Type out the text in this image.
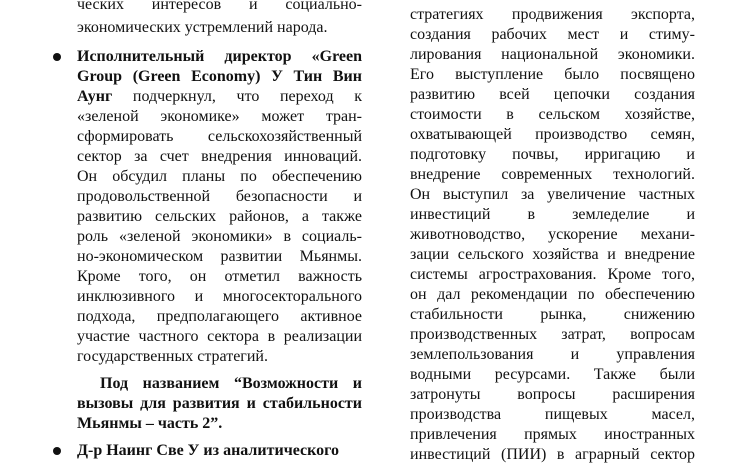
ческих интересов и социально-
экономических устремлений народа.
Исполнительный директор «Green
Group (Green Economy) У Тин Вин
Аунг подчеркнул, что переход к
«зеленой экономике» может тран-
сформировать сельскохозяйственный
сектор за счет внедрения инноваций.
Он обсудил планы по обеспечению
продовольственной безопасности и
развитию сельских районов, а также
роль «зеленой экономики» в социаль-
но-экономическом развитии Мьянмы.
Кроме того, он отметил важность
инклюзивного и многосекторального
подхода, предполагающего активное
участие частного сектора в реализации
государственных стратегий.
Под названием “Возможности и
вызовы для развития и стабильности
Мьянмы – часть 2”.
Д-р Наинг Све У из аналитического
стратегиях продвижения экспорта,
создания рабочих мест и стиму-
лирования национальной экономики.
Его выступление было посвящено
развитию всей цепочки создания
стоимости в сельском хозяйстве,
охватывающей производство семян,
подготовку почвы, ирригацию и
внедрение современных технологий.
Он выступил за увеличение частных
инвестиций в земледелие и
животноводство, ускорение механи-
зации сельского хозяйства и внедрение
системы агрострахования. Кроме того,
он дал рекомендации по обеспечению
стабильности рынка, снижению
производственных затрат, вопросам
землепользования и управления
водными ресурсами. Также были
затронуты вопросы расширения
производства пищевых масел,
привлечения прямых иностранных
инвестиций (ПИИ) в аграрный сектор
